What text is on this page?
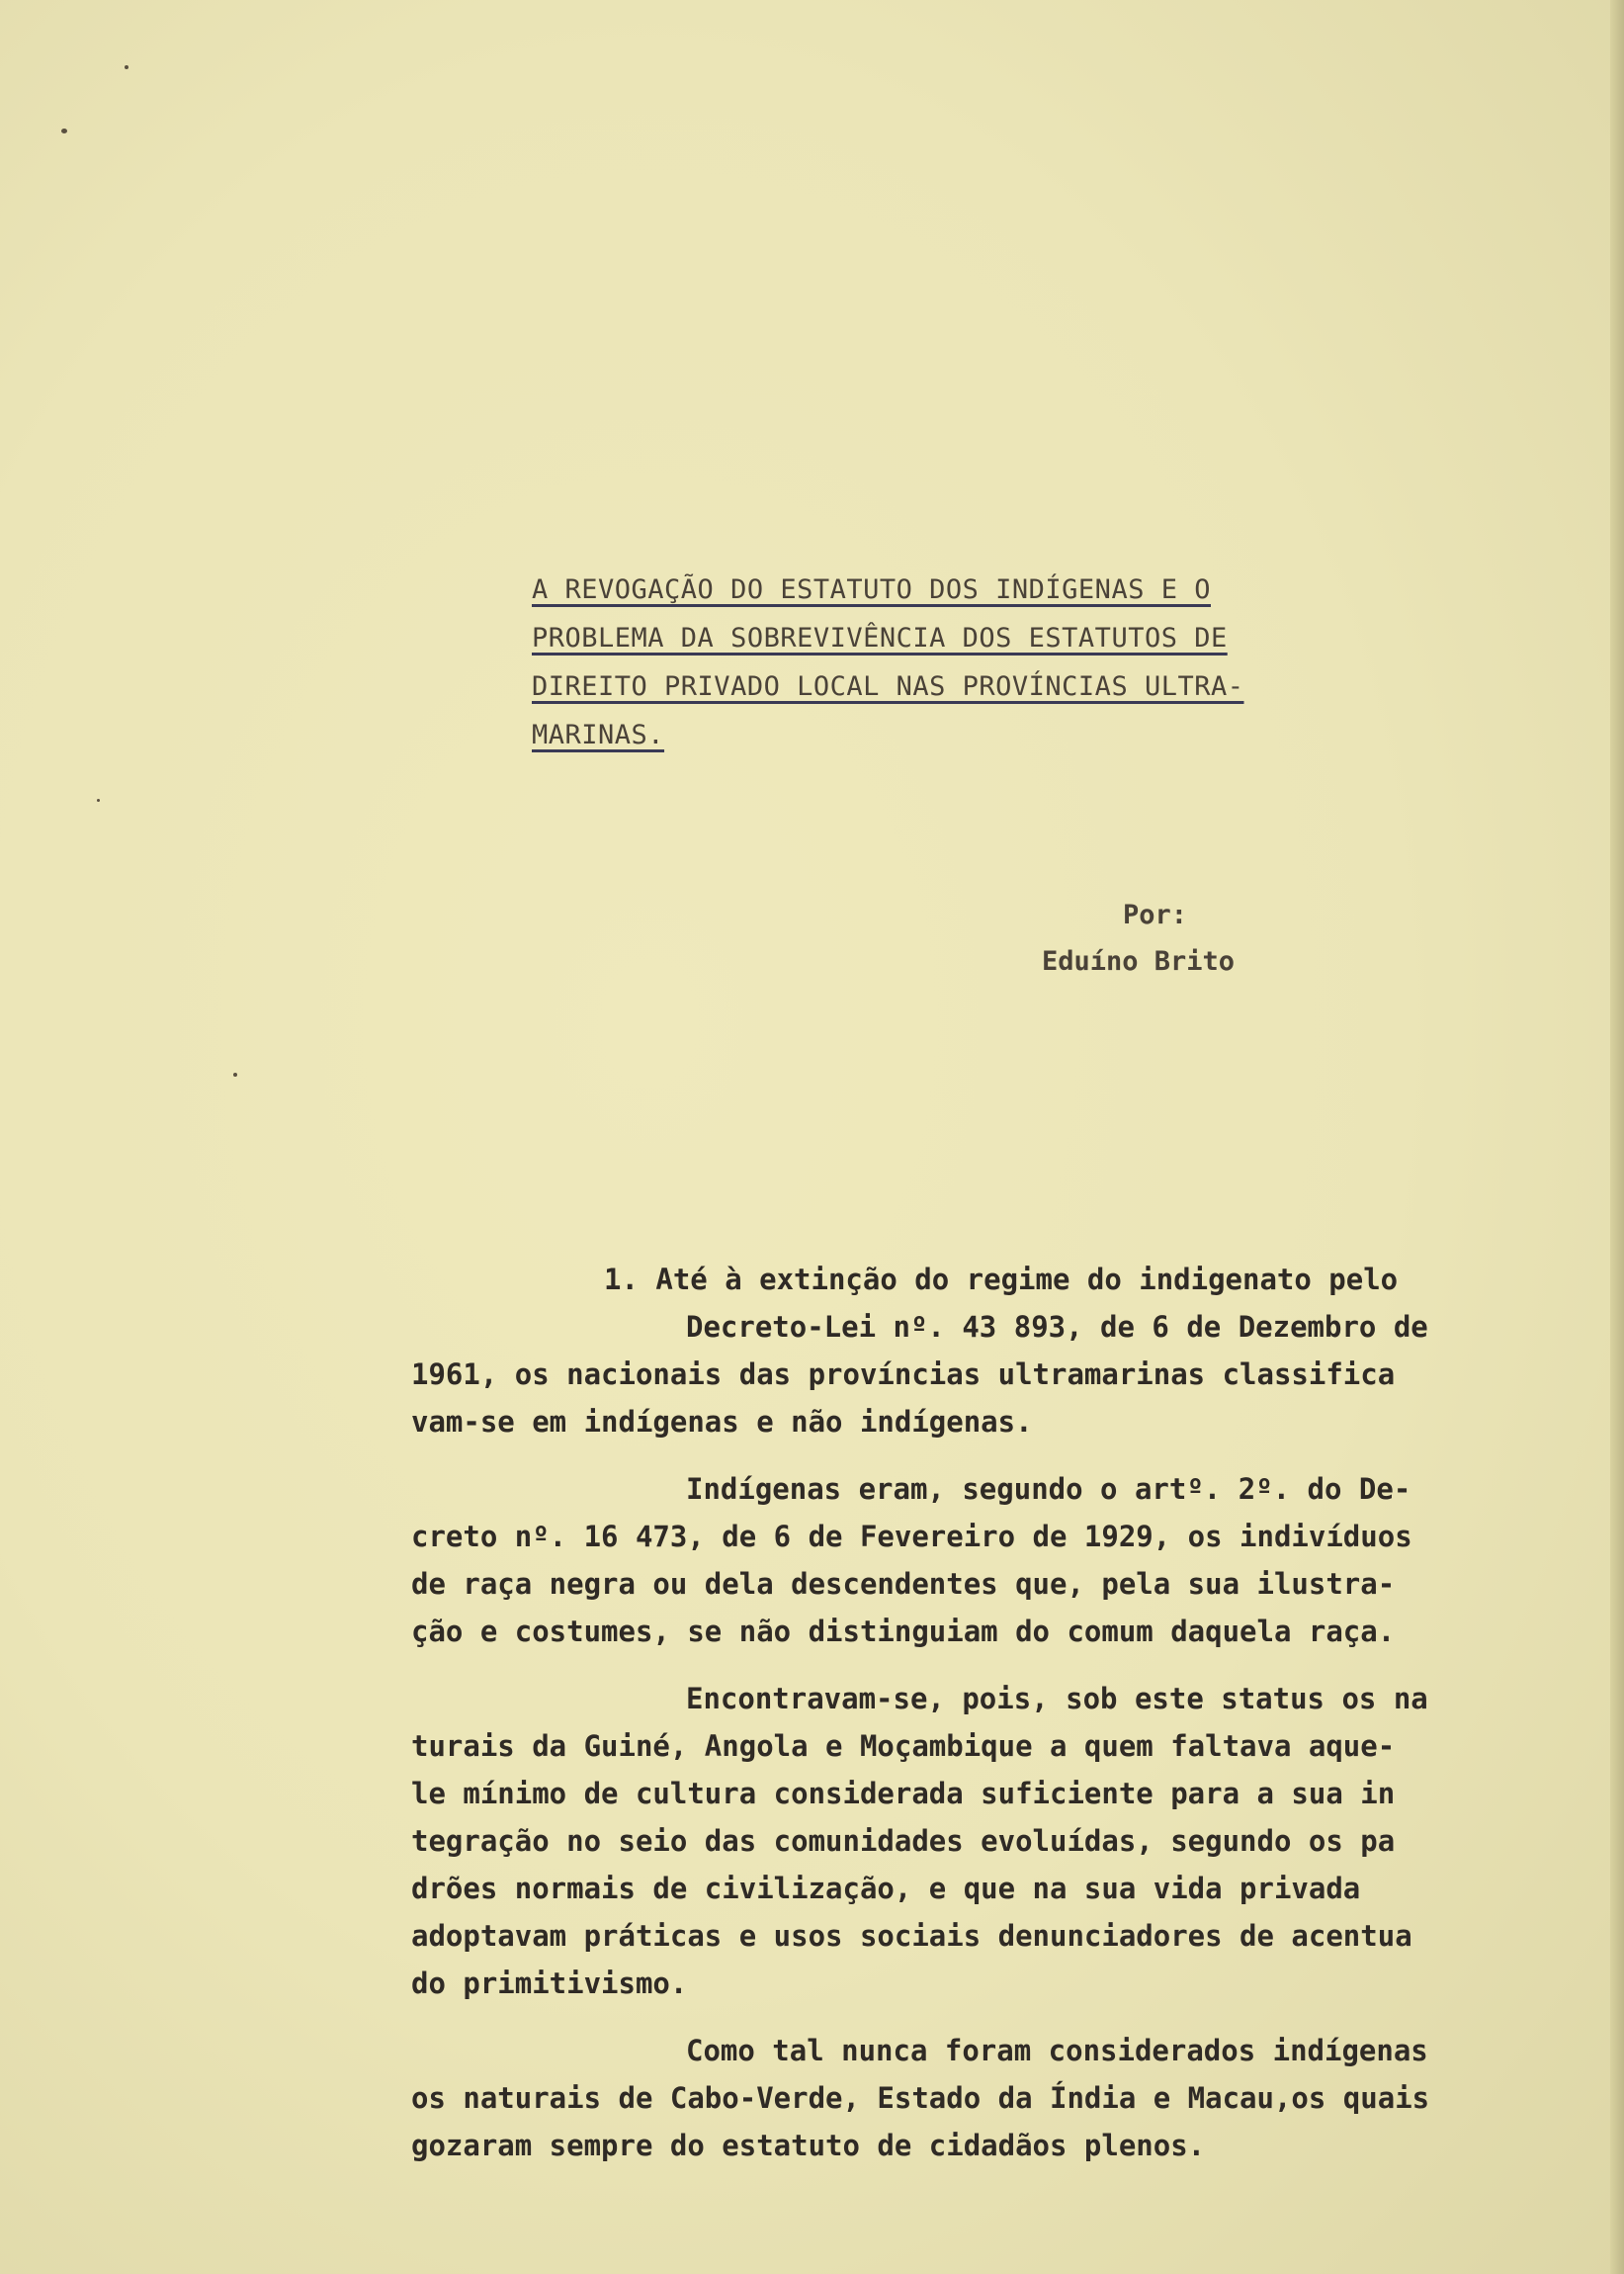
A REVOGAÇÃO DO ESTATUTO DOS INDÍGENAS E O
PROBLEMA DA SOBREVIVÊNCIA DOS ESTATUTOS DE
DIREITO PRIVADO LOCAL NAS PROVÍNCIAS ULTRA-
MARINAS.
Por:
Eduíno Brito
1. Até à extinção do regime do indigenato pelo
Decreto-Lei nº. 43 893, de 6 de Dezembro de
1961, os nacionais das províncias ultramarinas classifica
vam-se em indígenas e não indígenas.
Indígenas eram, segundo o artº. 2º. do De-
creto nº. 16 473, de 6 de Fevereiro de 1929, os indivíduos
de raça negra ou dela descendentes que, pela sua ilustra-
ção e costumes, se não distinguiam do comum daquela raça.
Encontravam-se, pois, sob este status os na
turais da Guiné, Angola e Moçambique a quem faltava aque-
le mínimo de cultura considerada suficiente para a sua in
tegração no seio das comunidades evoluídas, segundo os pa
drões normais de civilização, e que na sua vida privada
adoptavam práticas e usos sociais denunciadores de acentua
do primitivismo.
Como tal nunca foram considerados indígenas
os naturais de Cabo-Verde, Estado da Índia e Macau,os quais
gozaram sempre do estatuto de cidadãos plenos.
